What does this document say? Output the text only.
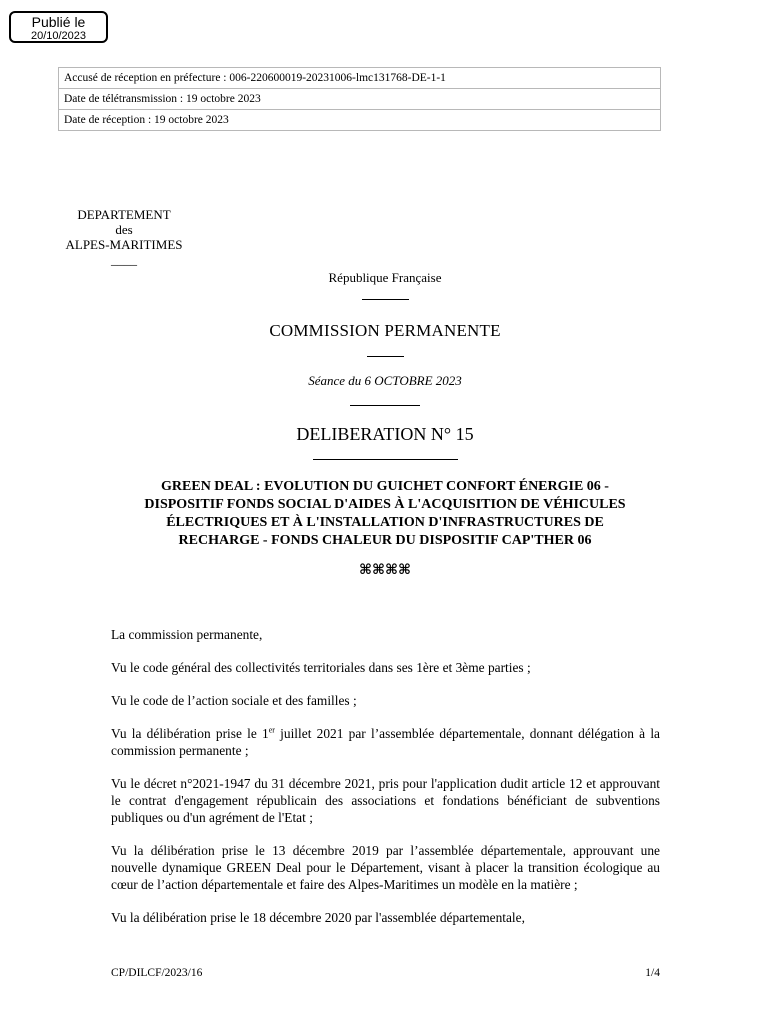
Publié le
20/10/2023
Accusé de réception en préfecture : 006-220600019-20231006-lmc131768-DE-1-1
Date de télétransmission : 19 octobre 2023
Date de réception : 19 octobre 2023
DEPARTEMENT
des
ALPES-MARITIMES
____
République Française
COMMISSION PERMANENTE
Séance du 6 OCTOBRE 2023
DELIBERATION N° 15
GREEN DEAL : EVOLUTION DU GUICHET CONFORT ÉNERGIE 06 -
DISPOSITIF FONDS SOCIAL D'AIDES À L'ACQUISITION DE VÉHICULES
ÉLECTRIQUES ET À L'INSTALLATION D'INFRASTRUCTURES DE
RECHARGE - FONDS CHALEUR DU DISPOSITIF CAP'THER 06
⌘⌘⌘⌘

La commission permanente,

Vu le code général des collectivités territoriales dans ses 1ère et 3ème parties ;

Vu le code de l’action sociale et des familles ;

Vu la délibération prise le 1er juillet 2021 par l’assemblée départementale, donnant délégation à la commission permanente ;

Vu le décret n°2021-1947 du 31 décembre 2021, pris pour l'application dudit article 12 et approuvant le contrat d'engagement républicain des associations et fondations bénéficiant de subventions publiques ou d'un agrément de l'Etat ;

Vu la délibération prise le 13 décembre 2019 par l’assemblée départementale, approuvant une nouvelle dynamique GREEN Deal pour le Département, visant à placer la transition écologique au cœur de l’action départementale et faire des Alpes-Maritimes un modèle en la matière ;

Vu la délibération prise le 18 décembre 2020 par l'assemblée départementale,

CP/DILCF/2023/16	1/4
